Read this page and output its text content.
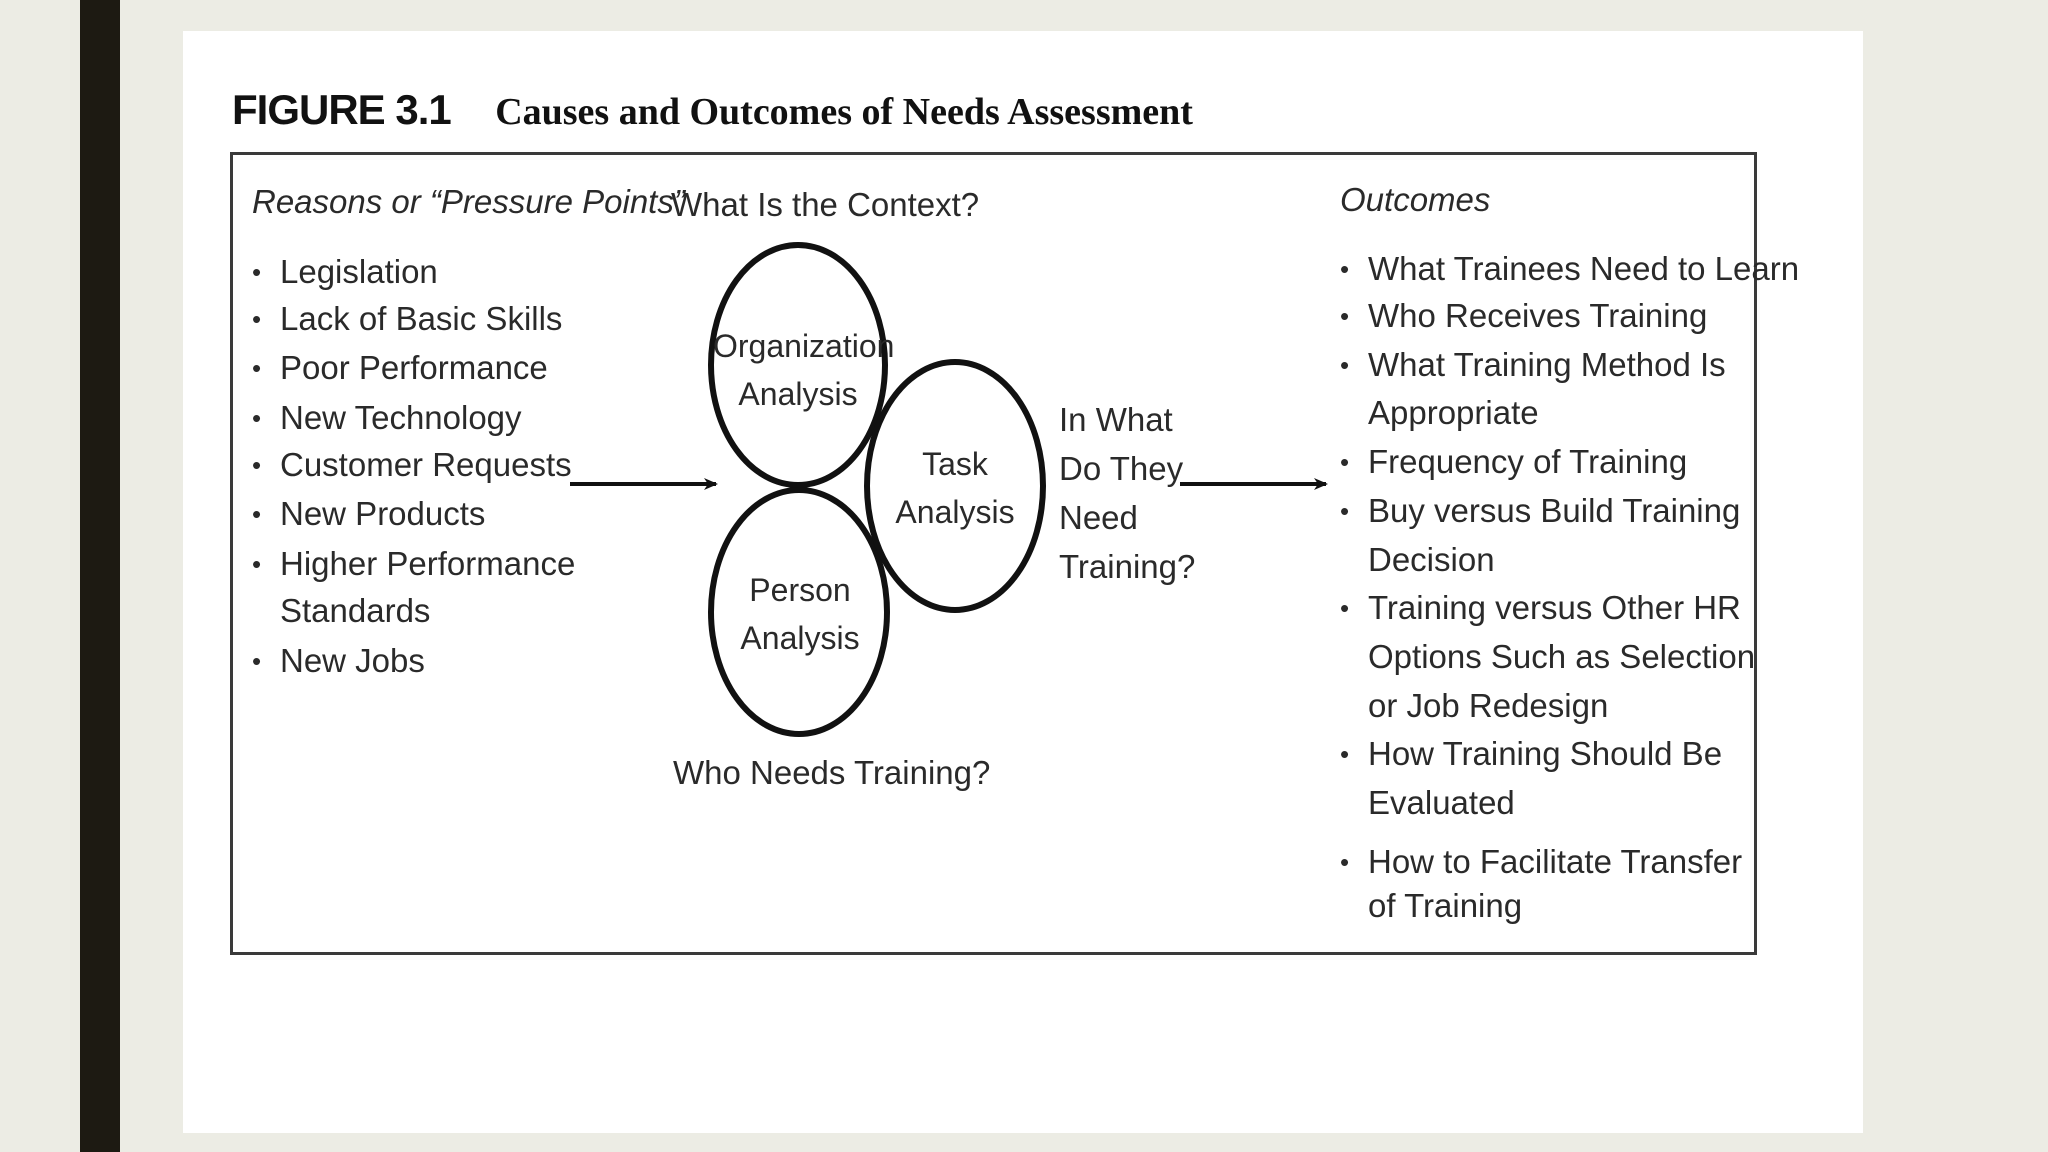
FIGURE 3.1 Causes and Outcomes of Needs Assessment
Reasons or “Pressure Points”
What Is the Context?	Outcomes
• Legislation
• Lack of Basic Skills
• Poor Performance
• New Technology
• Customer Requests
• New Products
• Higher Performance
Standards
• New Jobs
Organization
Analysis
Task
Analysis
Person
Analysis
Who Needs Training?
In What
Do They
Need
Training?
• What Trainees Need to Learn
• Who Receives Training
• What Training Method Is
Appropriate
• Frequency of Training
• Buy versus Build Training
Decision
• Training versus Other HR
Options Such as Selection
or Job Redesign
• How Training Should Be
Evaluated
• How to Facilitate Transfer
of Training
